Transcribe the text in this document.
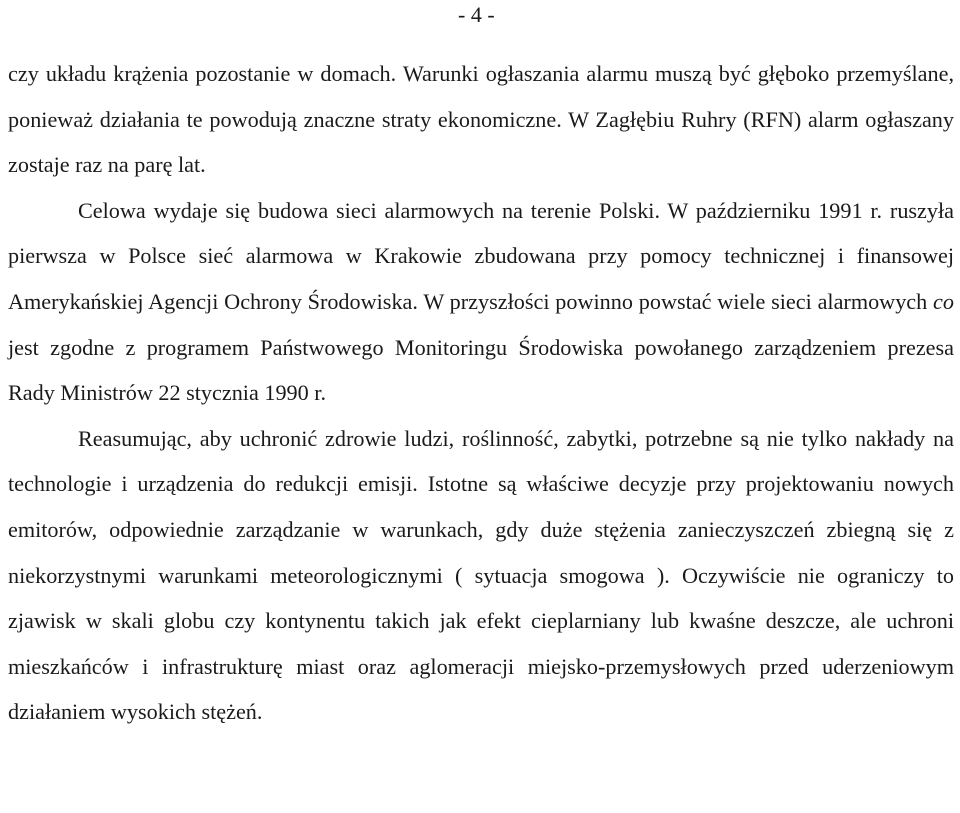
- 4 -

czy układu krążenia pozostanie w domach. Warunki ogłaszania alarmu muszą być głęboko przemyślane, ponieważ działania te powodują znaczne straty ekonomiczne. W Zagłębiu Ruhry (RFN) alarm ogłaszany zostaje raz na parę lat.

Celowa wydaje się budowa sieci alarmowych na terenie Polski. W październiku 1991 r. ruszyła pierwsza w Polsce sieć alarmowa w Krakowie zbudowana przy pomocy technicznej i finansowej Amerykańskiej Agencji Ochrony Środowiska. W przyszłości powinno powstać wiele sieci alarmowych co jest zgodne z programem Państwowego Monitoringu Środowiska powołanego zarządzeniem prezesa Rady Ministrów 22 stycznia 1990 r.

Reasumując, aby uchronić zdrowie ludzi, roślinność, zabytki, potrzebne są nie tylko nakłady na technologie i urządzenia do redukcji emisji. Istotne są właściwe decyzje przy projektowaniu nowych emitorów, odpowiednie zarządzanie w warunkach, gdy duże stężenia zanieczyszczeń zbiegną się z niekorzystnymi warunkami meteorologicznymi ( sytuacja smogowa ). Oczywiście nie ograniczy to zjawisk w skali globu czy kontynentu takich jak efekt cieplarniany lub kwaśne deszcze, ale uchroni mieszkańców i infrastrukturę miast oraz aglomeracji miejsko-przemysłowych przed uderzeniowym działaniem wysokich stężeń.
